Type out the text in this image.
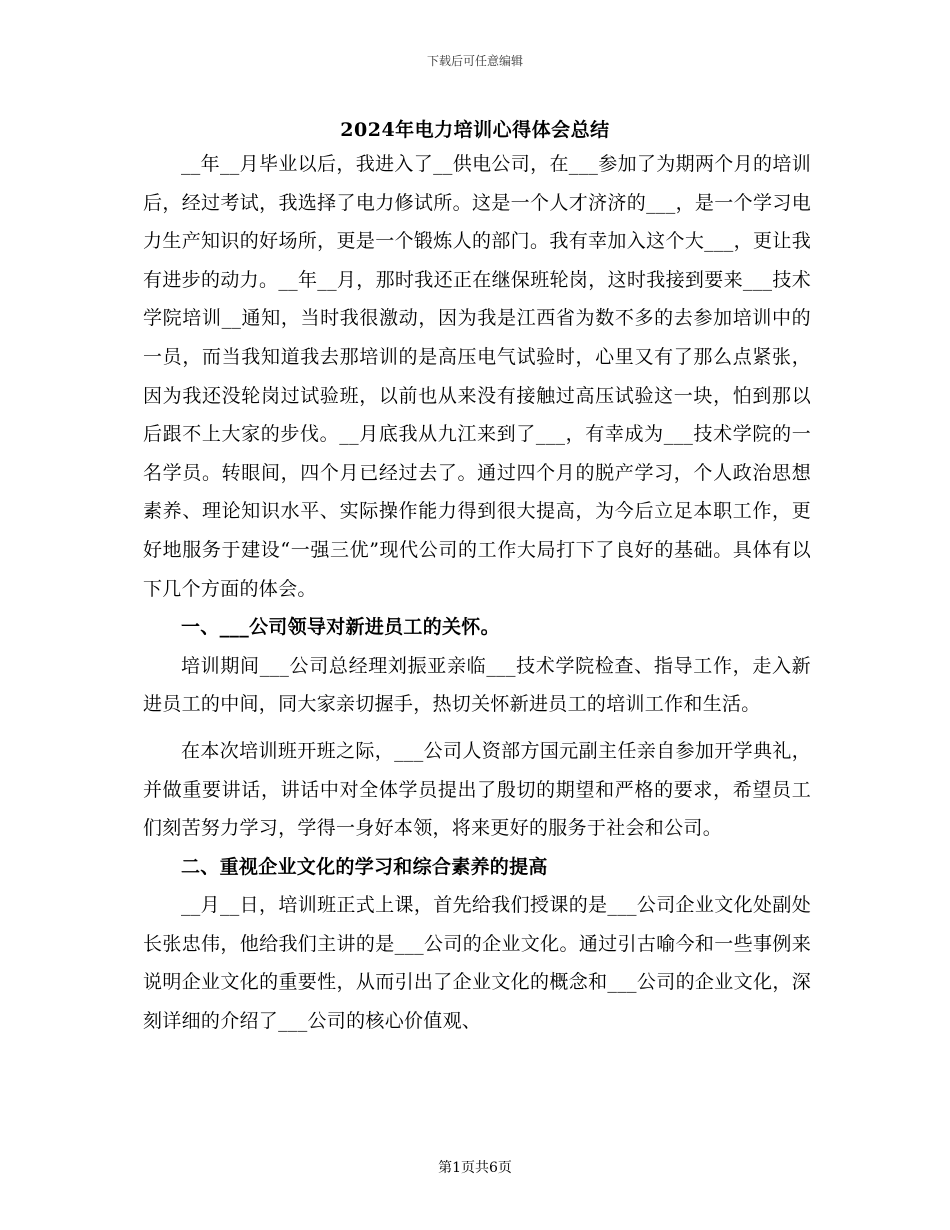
下载后可任意编辑
2024年电力培训心得体会总结

__年__月毕业以后，我进入了__供电公司，在___参加了为期两个月的培训后，经过考试，我选择了电力修试所。这是一个人才济济的___，是一个学习电力生产知识的好场所，更是一个锻炼人的部门。我有幸加入这个大___，更让我有进步的动力。__年__月，那时我还正在继保班轮岗，这时我接到要来___技术学院培训__通知，当时我很激动，因为我是江西省为数不多的去参加培训中的一员，而当我知道我去那培训的是高压电气试验时，心里又有了那么点紧张，因为我还没轮岗过试验班，以前也从来没有接触过高压试验这一块，怕到那以后跟不上大家的步伐。__月底我从九江来到了___，有幸成为___技术学院的一名学员。转眼间，四个月已经过去了。通过四个月的脱产学习，个人政治思想素养、理论知识水平、实际操作能力得到很大提高，为今后立足本职工作，更好地服务于建设“一强三优”现代公司的工作大局打下了良好的基础。具体有以下几个方面的体会。

一、___公司领导对新进员工的关怀。

培训期间___公司总经理刘振亚亲临___技术学院检查、指导工作，走入新进员工的中间，同大家亲切握手，热切关怀新进员工的培训工作和生活。

在本次培训班开班之际，___公司人资部方国元副主任亲自参加开学典礼，并做重要讲话，讲话中对全体学员提出了殷切的期望和严格的要求，希望员工们刻苦努力学习，学得一身好本领，将来更好的服务于社会和公司。

二、重视企业文化的学习和综合素养的提高

__月__日，培训班正式上课，首先给我们授课的是___公司企业文化处副处长张忠伟，他给我们主讲的是___公司的企业文化。通过引古喻今和一些事例来说明企业文化的重要性，从而引出了企业文化的概念和___公司的企业文化，深刻详细的介绍了___公司的核心价值观、

第1页共6页
